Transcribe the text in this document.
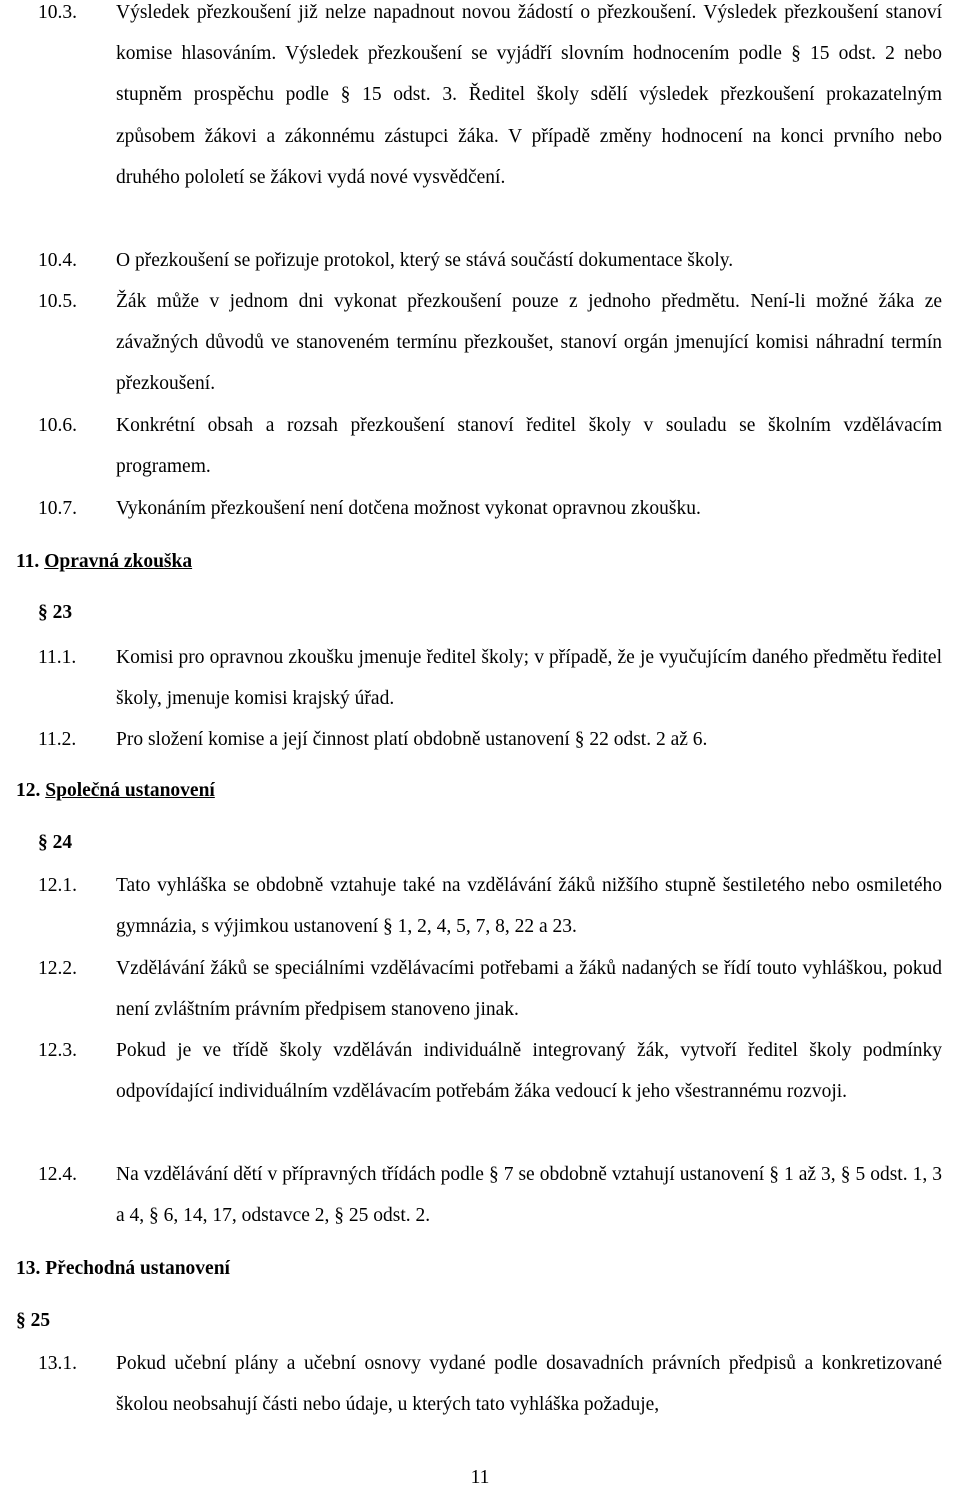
10.3. Výsledek přezkoušení již nelze napadnout novou žádostí o přezkoušení. Výsledek přezkoušení stanoví komise hlasováním. Výsledek přezkoušení se vyjádří slovním hodnocením podle § 15 odst. 2 nebo stupněm prospěchu podle § 15 odst. 3. Ředitel školy sdělí výsledek přezkoušení prokazatelným způsobem žákovi a zákonnému zástupci žáka. V případě změny hodnocení na konci prvního nebo druhého pololetí se žákovi vydá nové vysvědčení.
10.4. O přezkoušení se pořizuje protokol, který se stává součástí dokumentace školy.
10.5. Žák může v jednom dni vykonat přezkoušení pouze z jednoho předmětu. Není-li možné žáka ze závažných důvodů ve stanoveném termínu přezkoušet, stanoví orgán jmenující komisi náhradní termín přezkoušení.
10.6. Konkrétní obsah a rozsah přezkoušení stanoví ředitel školy v souladu se školním vzdělávacím programem.
10.7. Vykonáním přezkoušení není dotčena možnost vykonat opravnou zkoušku.
11. Opravná zkouška
§ 23
11.1. Komisi pro opravnou zkoušku jmenuje ředitel školy; v případě, že je vyučujícím daného předmětu ředitel školy, jmenuje komisi krajský úřad.
11.2. Pro složení komise a její činnost platí obdobně ustanovení § 22 odst. 2 až 6.
12. Společná ustanovení
§ 24
12.1. Tato vyhláška se obdobně vztahuje také na vzdělávání žáků nižšího stupně šestiletého nebo osmiletého gymnázia, s výjimkou ustanovení § 1, 2, 4, 5, 7, 8, 22 a 23.
12.2. Vzdělávání žáků se speciálními vzdělávacími potřebami a žáků nadaných se řídí touto vyhláškou, pokud není zvláštním právním předpisem stanoveno jinak.
12.3. Pokud je ve třídě školy vzděláván individuálně integrovaný žák, vytvoří ředitel školy podmínky odpovídající individuálním vzdělávacím potřebám žáka vedoucí k jeho všestrannému rozvoji.
12.4. Na vzdělávání dětí v přípravných třídách podle § 7 se obdobně vztahují ustanovení § 1 až 3, § 5 odst. 1, 3 a 4, § 6, 14, 17, odstavce 2, § 25 odst. 2.
13. Přechodná ustanovení
§ 25
13.1. Pokud učební plány a učební osnovy vydané podle dosavadních právních předpisů a konkretizované školou neobsahují části nebo údaje, u kterých tato vyhláška požaduje,
11
